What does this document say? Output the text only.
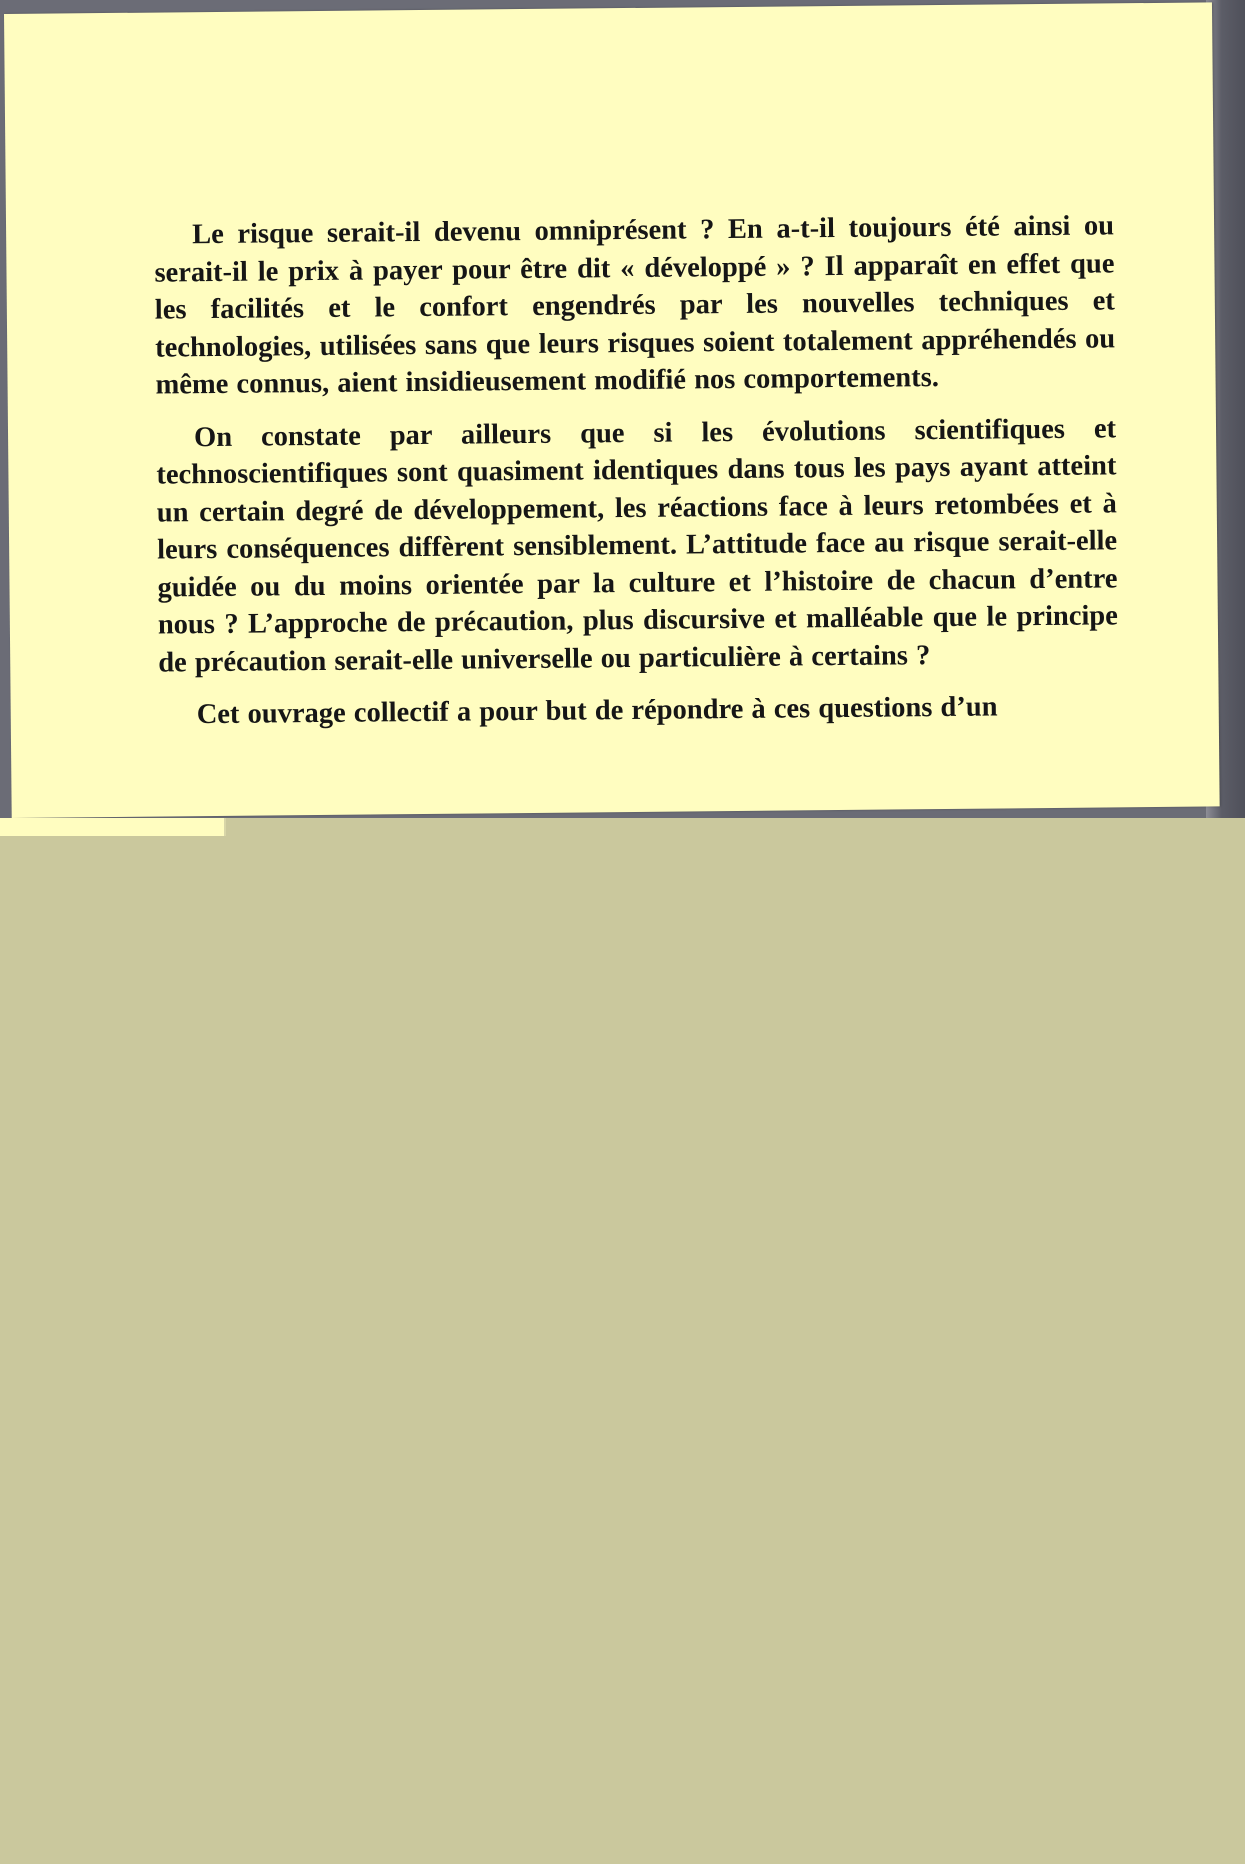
Le risque serait-il devenu omniprésent ? En a-t-il toujours été ainsi ou serait-il le prix à payer pour être dit « développé » ? Il apparaît en effet que les facilités et le confort engendrés par les nouvelles techniques et technologies, utilisées sans que leurs risques soient totalement appréhendés ou même connus, aient insidieusement modifié nos comportements.

On constate par ailleurs que si les évolutions scientifiques et technoscientifiques sont quasiment identiques dans tous les pays ayant atteint un certain degré de développement, les réactions face à leurs retombées et à leurs conséquences diffèrent sensiblement. L’attitude face au risque serait-elle guidée ou du moins orientée par la culture et l’histoire de chacun d’entre nous ? L’approche de précaution, plus discursive et malléable que le principe de précaution serait-elle universelle ou particulière à certains ?

Cet ouvrage collectif a pour but de répondre à ces questions d’un
